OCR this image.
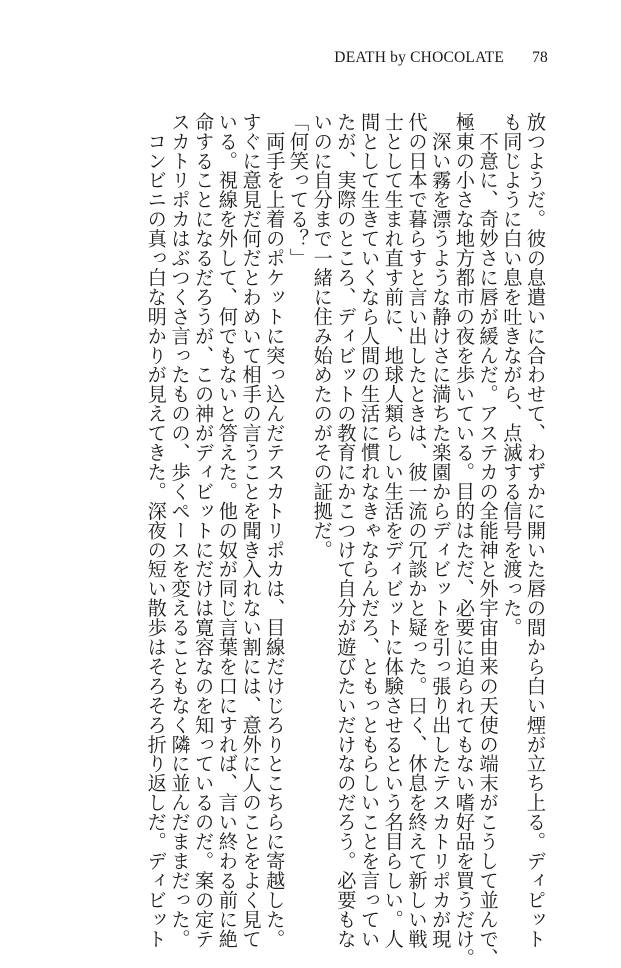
DEATH by CHOCOLATE 78
放つようだ。彼の息遣いに合わせて、わずかに開いた唇の間から白い煙が立ち上る。ディピット
も同じように白い息を吐きながら、点滅する信号を渡った。
　不意に、奇妙さに唇が緩んだ。アステカの全能神と外宇宙由来の天使の端末がこうして並んで、
極東の小さな地方都市の夜を歩いている。目的はただ、必要に迫られてもない嗜好品を買うだけ。
　深い霧を漂うような静けさに満ちた楽園からディビットを引っ張り出したテスカトリポカが現
代の日本で暮らすと言い出したときは、彼一流の冗談かと疑った。曰く、休息を終えて新しい戦
士として生まれ直す前に、地球人類らしい生活をディビットに体験させるという名目らしい。人
間として生きていくなら人間の生活に慣れなきゃならんだろ、ともっともらしいことを言ってい
たが、実際のところ、ディビットの教育にかこつけて自分が遊びたいだけなのだろう。必要もな
いのに自分まで一緒に住み始めたのがその証拠だ。
「何笑ってる？」
　両手を上着のポケットに突っ込んだテスカトリポカは、目線だけじろりとこちらに寄越した。
すぐに意見だ何だとわめいて相手の言うことを聞き入れない割には、意外に人のことをよく見て
いる。視線を外して、何でもないと答えた。他の奴が同じ言葉を口にすれば、言い終わる前に絶
命することになるだろうが、この神がディビットにだけは寛容なのを知っているのだ。案の定テ
スカトリポカはぶつくさ言ったものの、歩くペースを変えることもなく隣に並んだままだった。
　コンビニの真っ白な明かりが見えてきた。深夜の短い散歩はそろそろ折り返しだ。ディビット
